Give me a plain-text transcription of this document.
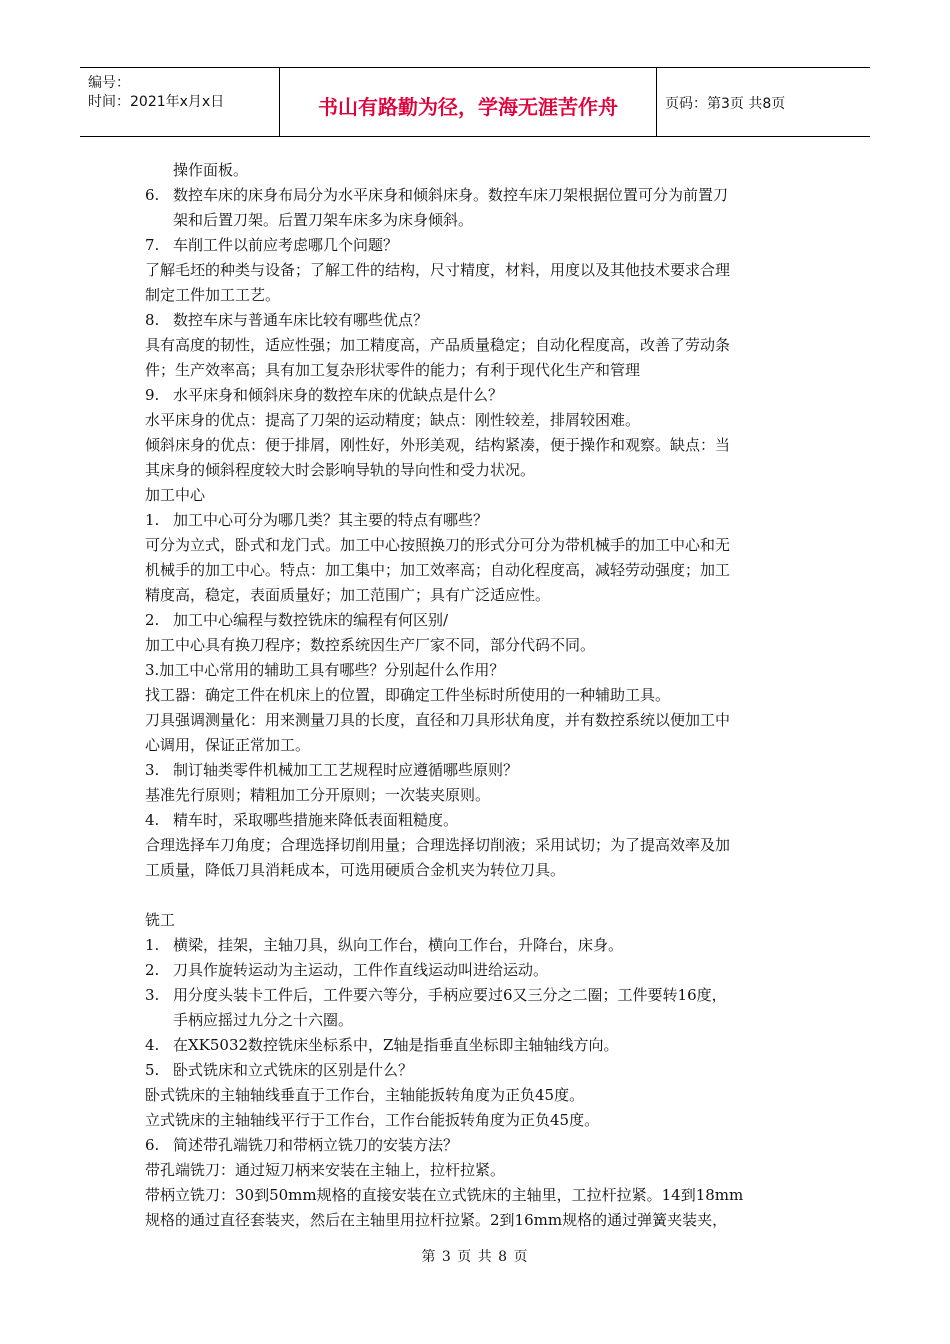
编号：
时间：2021年x月x日	书山有路勤为径，学海无涯苦作舟	页码：第3页 共8页
操作面板。
6. 数控车床的床身布局分为水平床身和倾斜床身。数控车床刀架根据位置可分为前置刀
架和后置刀架。后置刀架车床多为床身倾斜。
7. 车削工件以前应考虑哪几个问题？
了解毛坯的种类与设备；了解工件的结构，尺寸精度，材料，用度以及其他技术要求合理
制定工件加工工艺。
8. 数控车床与普通车床比较有哪些优点？
具有高度的韧性，适应性强；加工精度高，产品质量稳定；自动化程度高，改善了劳动条
件；生产效率高；具有加工复杂形状零件的能力；有利于现代化生产和管理
9. 水平床身和倾斜床身的数控车床的优缺点是什么？
水平床身的优点：提高了刀架的运动精度；缺点：刚性较差，排屑较困难。
倾斜床身的优点：便于排屑，刚性好，外形美观，结构紧凑，便于操作和观察。缺点：当
其床身的倾斜程度较大时会影响导轨的导向性和受力状况。
加工中心
1. 加工中心可分为哪几类？其主要的特点有哪些？
可分为立式，卧式和龙门式。加工中心按照换刀的形式分可分为带机械手的加工中心和无
机械手的加工中心。特点：加工集中；加工效率高；自动化程度高，减轻劳动强度；加工
精度高，稳定，表面质量好；加工范围广；具有广泛适应性。
2. 加工中心编程与数控铣床的编程有何区别/
加工中心具有换刀程序；数控系统因生产厂家不同，部分代码不同。
3.加工中心常用的辅助工具有哪些？分别起什么作用？
找工器：确定工件在机床上的位置，即确定工件坐标时所使用的一种辅助工具。
刀具强调测量化：用来测量刀具的长度，直径和刀具形状角度，并有数控系统以便加工中
心调用，保证正常加工。
3. 制订轴类零件机械加工工艺规程时应遵循哪些原则？
基准先行原则；精粗加工分开原则；一次装夹原则。
4. 精车时，采取哪些措施来降低表面粗糙度。
合理选择车刀角度；合理选择切削用量；合理选择切削液；采用试切；为了提高效率及加
工质量，降低刀具消耗成本，可选用硬质合金机夹为转位刀具。
铣工
1. 横梁，挂架，主轴刀具，纵向工作台，横向工作台，升降台，床身。
2. 刀具作旋转运动为主运动，工件作直线运动叫进给运动。
3. 用分度头装卡工件后，工件要六等分，手柄应要过6又三分之二圈；工件要转16度，
手柄应摇过九分之十六圈。
4. 在XK5032数控铣床坐标系中，Z轴是指垂直坐标即主轴轴线方向。
5. 卧式铣床和立式铣床的区别是什么？
卧式铣床的主轴轴线垂直于工作台，主轴能扳转角度为正负45度。
立式铣床的主轴轴线平行于工作台，工作台能扳转角度为正负45度。
6. 简述带孔端铣刀和带柄立铣刀的安装方法？
带孔端铣刀：通过短刀柄来安装在主轴上，拉杆拉紧。
带柄立铣刀：30到50mm规格的直接安装在立式铣床的主轴里，工拉杆拉紧。14到18mm
规格的通过直径套装夹，然后在主轴里用拉杆拉紧。2到16mm规格的通过弹簧夹装夹，
第 3 页 共 8 页
